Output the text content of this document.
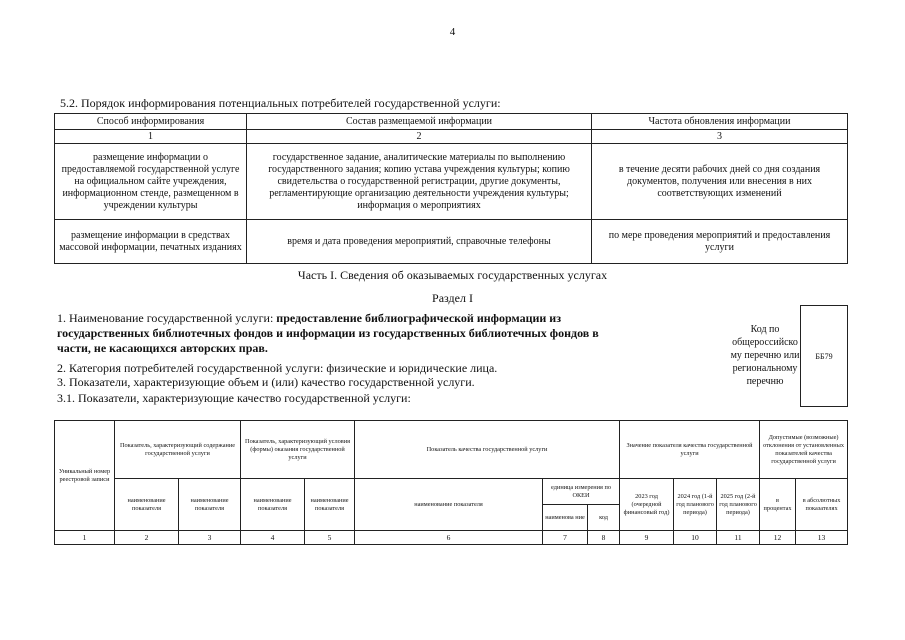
4
5.2. Порядок информирования потенциальных потребителей государственной услуги:
Способ информирования	Состав размещаемой информации	Частота обновления информации
1	2	3
размещение информации о предоставляемой государственной услуге на официальном сайте учреждения, информационном стенде, размещенном в учреждении культуры	государственное задание, аналитические материалы по выполнению государственного задания; копию устава учреждения культуры; копию свидетельства о государственной регистрации, другие документы, регламентирующие организацию деятельности учреждения культуры; информация о мероприятиях	в течение десяти рабочих дней со дня создания документов, получения или внесения в них соответствующих изменений
размещение информации в средствах массовой информации, печатных изданиях	время и дата проведения мероприятий, справочные телефоны	по мере проведения мероприятий и предоставления услуги
Часть I. Сведения об оказываемых государственных услугах
Раздел I
1. Наименование государственной услуги: предоставление библиографической информации из
государственных библиотечных фондов и информации из государственных библиотечных фондов в
части, не касающихся авторских прав.
2. Категория потребителей государственной услуги: физические и юридические лица.
3. Показатели, характеризующие объем и (или) качество государственной услуги.
3.1. Показатели, характеризующие качество государственной услуги:
Код по
общероссийско
му перечню или
региональному
перечню
ББ79
Уникальный номер реестровой записи	Показатель, характеризующий содержание государственной услуги		Показатель, характеризующий условия (формы) оказания государственной услуги		Показатель качества государственной услуги			Значение показателя качества государственной услуги			Допустимые (возможные) отклонения от установленных показателей качества государственной услуги	
	наименование показателя	наименование показателя	наименование показателя	наименование показателя	наименование показателя	единица измерения по ОКЕИ		2023 год (очередной финансовый год)	2024 год (1-й год планового периода)	2025 год (2-й год планового периода)	в процентах	в абсолютных показателях
						наименова ние	код					
1	2	3	4	5	6	7	8	9	10	11	12	13
